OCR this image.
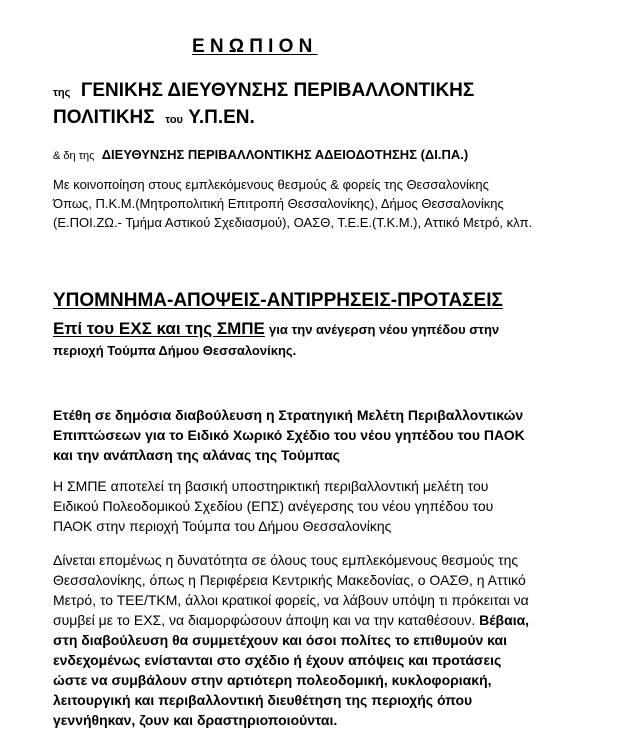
ΕΝΩΠΙΟΝ
της ΓΕΝΙΚΗΣ ΔΙΕΥΘΥΝΣΗΣ ΠΕΡΙΒΑΛΛΟΝΤΙΚΗΣ
ΠΟΛΙΤΙΚΗΣ του Υ.Π.ΕΝ.
& δη της ΔΙΕΥΘΥΝΣΗΣ ΠΕΡΙΒΑΛΛΟΝΤΙΚΗΣ ΑΔΕΙΟΔΟΤΗΣΗΣ (ΔΙ.ΠΑ.)
Με κοινοποίηση στους εμπλεκόμενους θεσμούς & φορείς της Θεσσαλονίκης
Όπως, Π.Κ.Μ.(Μητροπολιτική Επιτροπή Θεσσαλονίκης), Δήμος Θεσσαλονίκης
(Ε.ΠΟΙ.ΖΩ.- Τμήμα Αστικού Σχεδιασμού), ΟΑΣΘ, Τ.Ε.Ε.(Τ.Κ.Μ.), Αττικό Μετρό, κλπ.
ΥΠΟΜΝΗΜΑ-ΑΠΟΨΕΙΣ-ΑΝΤΙΡΡΗΣΕΙΣ-ΠΡΟΤΑΣΕΙΣ
Επί του ΕΧΣ και της ΣΜΠΕ για την ανέγερση νέου γηπέδου στην
περιοχή Τούμπα Δήμου Θεσσαλονίκης.
Ετέθη σε δημόσια διαβούλευση η Στρατηγική Μελέτη Περιβαλλοντικών
Επιπτώσεων για το Ειδικό Χωρικό Σχέδιο του νέου γηπέδου του ΠΑΟΚ
και την ανάπλαση της αλάνας της Τούμπας
Η ΣΜΠΕ αποτελεί τη βασική υποστηρικτική περιβαλλοντική μελέτη του
Ειδικού Πολεοδομικού Σχεδίου (ΕΠΣ) ανέγερσης του νέου γηπέδου του
ΠΑΟΚ στην περιοχή Τούμπα του Δήμου Θεσσαλονίκης
Δίνεται επομένως η δυνατότητα σε όλους τους εμπλεκόμενους θεσμούς της
Θεσσαλονίκης, όπως η Περιφέρεια Κεντρικής Μακεδονίας, ο ΟΑΣΘ, η Αττικό
Μετρό, το ΤΕΕ/ΤΚΜ, άλλοι κρατικοί φορείς, να λάβουν υπόψη τι πρόκειται να
συμβεί με το ΕΧΣ, να διαμορφώσουν άποψη και να την καταθέσουν. Βέβαια,
στη διαβούλευση θα συμμετέχουν και όσοι πολίτες το επιθυμούν και
ενδεχομένως ενίστανται στο σχέδιο ή έχουν απόψεις και προτάσεις
ώστε να συμβάλουν στην αρτιότερη πολεοδομική, κυκλοφοριακή,
λειτουργική και περιβαλλοντική διευθέτηση της περιοχής όπου
γεννήθηκαν, ζουν και δραστηριοποιούνται.
